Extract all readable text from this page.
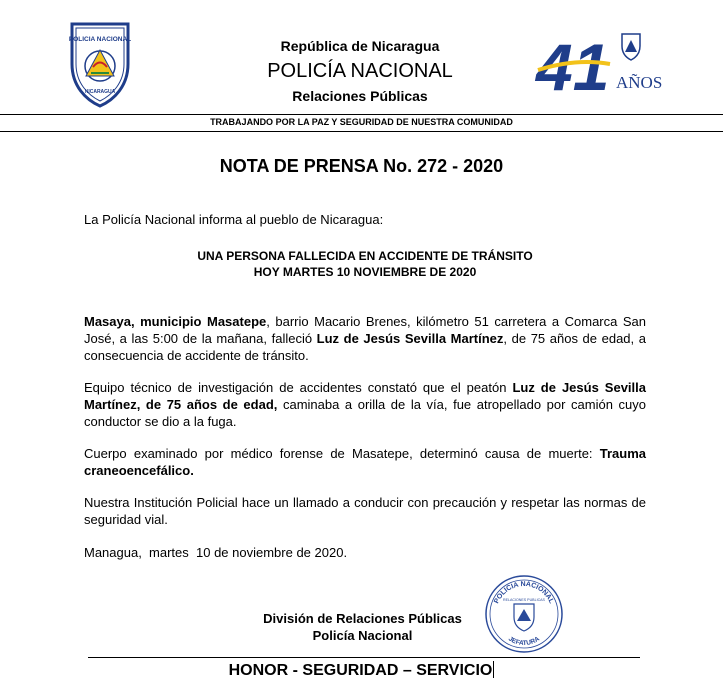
POLICIA NACIONAL
NICARAGUA
República de Nicaragua
POLICÍA NACIONAL
Relaciones Públicas	41 AÑOS
TRABAJANDO POR LA PAZ Y SEGURIDAD DE NUESTRA COMUNIDAD
NOTA DE PRENSA No. 272 - 2020
La Policía Nacional informa al pueblo de Nicaragua:
UNA PERSONA FALLECIDA EN ACCIDENTE DE TRÁNSITO
HOY MARTES 10 NOVIEMBRE DE 2020
Masaya, municipio Masatepe, barrio Macario Brenes, kilómetro 51 carretera a Comarca San José, a las 5:00 de la mañana, falleció Luz de Jesús Sevilla Martínez, de 75 años de edad, a consecuencia de accidente de tránsito.
Equipo técnico de investigación de accidentes constató que el peatón Luz de Jesús Sevilla Martínez, de 75 años de edad, caminaba a orilla de la vía, fue atropellado por camión cuyo conductor se dio a la fuga.
Cuerpo examinado por médico forense de Masatepe, determinó causa de muerte: Trauma craneoencefálico.
Nuestra Institución Policial hace un llamado a conducir con precaución y respetar las normas de seguridad vial.
Managua,  martes  10 de noviembre de 2020.
POLICIA NACIONAL
RELACIONES PUBLICAS
JEFATURA
División de Relaciones Públicas
Policía Nacional
HONOR - SEGURIDAD – SERVICIO
